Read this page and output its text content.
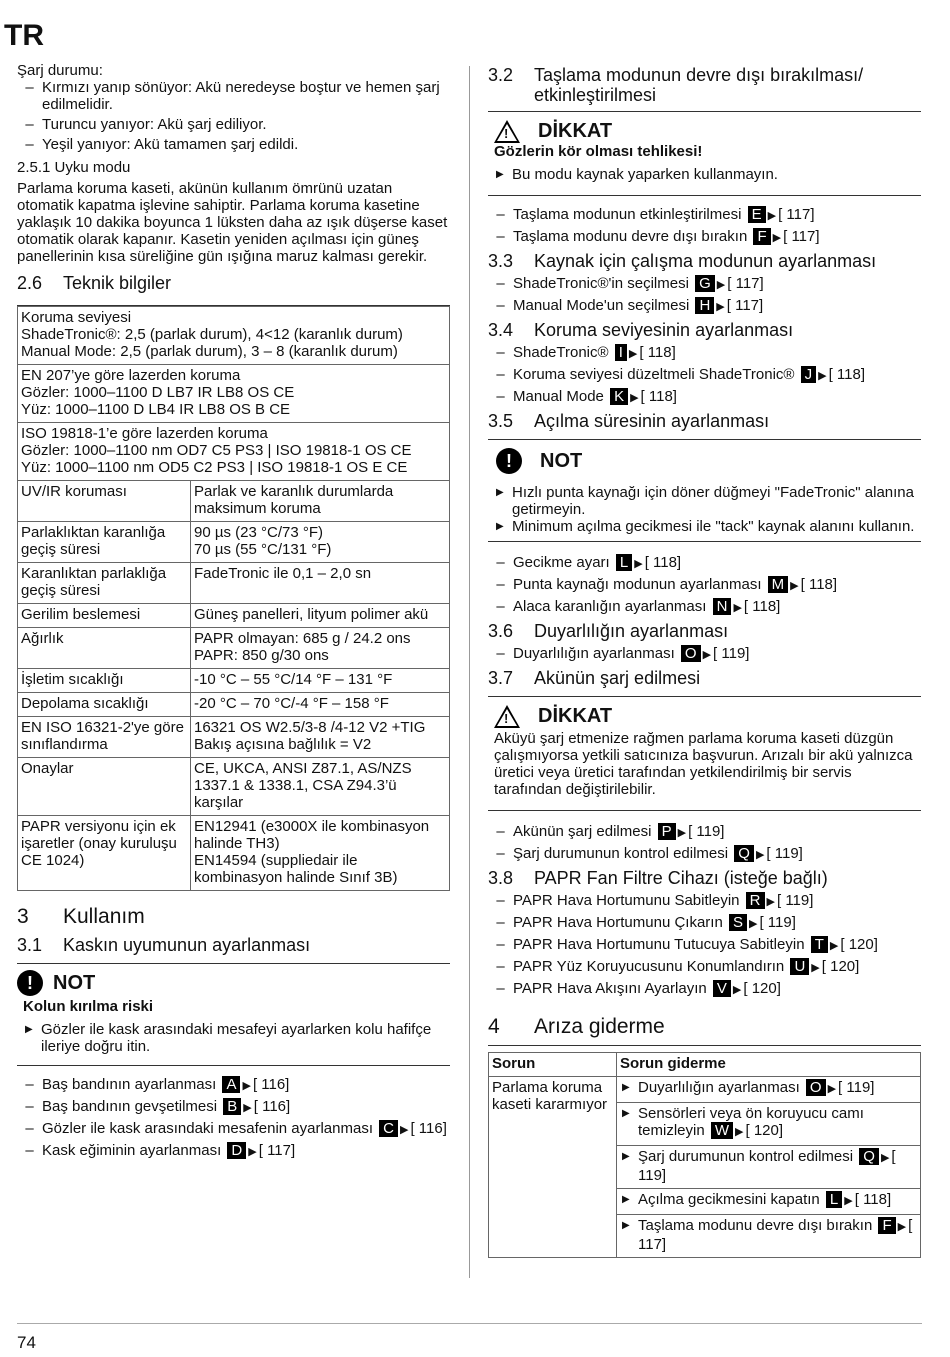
TR

Şarj durumu:

– Kırmızı yanıp sönüyor: Akü neredeyse boştur ve hemen şarj edilmelidir.
– Turuncu yanıyor: Akü şarj ediliyor.
– Yeşil yanıyor: Akü tamamen şarj edildi.

2.5.1 Uyku modu

Parlama koruma kaseti, akünün kullanım ömrünü uzatan otomatik kapatma işlevine sahiptir. Parlama koruma kasetine yaklaşık 10 dakika boyunca 1 lüksten daha az ışık düşerse kaset otomatik olarak kapanır. Kasetin yeniden açılması için güneş panellerinin kısa süreliğine gün ışığına maruz kalması gerekir.

2.6 Teknik bilgiler
Koruma seviyesi
ShadeTronic®: 2,5 (parlak durum), 4<12 (karanlık durum)
Manual Mode: 2,5 (parlak durum), 3 – 8 (karanlık durum)	

EN 207’ye göre lazerden koruma
Gözler: 1000–1100 D LB7 IR LB8 OS CE
Yüz: 1000–1100 D LB4 IR LB8 OS B CE	

ISO 19818-1’e göre lazerden koruma
Gözler: 1000–1100 nm OD7 C5 PS3 | ISO 19818-1 OS CE
Yüz: 1000–1100 nm OD5 C2 PS3 | ISO 19818-1 OS E CE	

UV/IR koruması	Parlak ve karanlık durumlarda maksimum koruma
Parlaklıktan karanlığa geçiş süresi	90 µs (23 °C/73 °F)
70 µs (55 °C/131 °F)
Karanlıktan parlaklığa geçiş süresi	FadeTronic ile 0,1 – 2,0 sn
Gerilim beslemesi	Güneş panelleri, lityum polimer akü
Ağırlık	PAPR olmayan: 685 g / 24.2 ons
PAPR: 850 g/30 ons
İşletim sıcaklığı	-10 °C – 55 °C/14 °F – 131 °F
Depolama sıcaklığı	-20 °C – 70 °C/-4 °F – 158 °F
EN ISO 16321-2'ye göre sınıflandırma	16321 OS W2.5/3-8 /4-12 V2 +TIG
Bakış açısına bağlılık = V2
Onaylar	CE, UKCA, ANSI Z87.1, AS/NZS 1337.1 & 1338.1, CSA Z94.3’ü karşılar
PAPR versiyonu için ek işaretler (onay kuruluşu CE 1024)	EN12941 (e3000X ile kombinasyon halinde TH3)
EN14594 (suppliedair ile kombinasyon halinde Sınıf 3B)
3 Kullanım
3.1 Kaskın uyumunun ayarlanması
!	NOT

Kolun kırılma riski

▶ Gözler ile kask arasındaki mesafeyi ayarlarken kolu hafifçe ileriye doğru itin.
– Baş bandının ayarlanması A ▶ [ 116]
– Baş bandının gevşetilmesi B ▶ [ 116]
– Gözler ile kask arasındaki mesafenin ayarlanması C ▶ [ 116]
– Kask eğiminin ayarlanması D ▶ [ 117]
3.2	Taşlama modunun devre dışı bırakılması/ etkinleştirilmesi
! DİKKAT

Gözlerin kör olması tehlikesi!

▶ Bu modu kaynak yaparken kullanmayın.
– Taşlama modunun etkinleştirilmesi E ▶ [ 117]
– Taşlama modunu devre dışı bırakın F ▶ [ 117]
3.3 Kaynak için çalışma modunun ayarlanması
– ShadeTronic®'in seçilmesi G ▶ [ 117]
– Manual Mode'un seçilmesi H ▶ [ 117]
3.4 Koruma seviyesinin ayarlanması
– ShadeTronic® I ▶ [ 118]
– Koruma seviyesi düzeltmeli ShadeTronic® J ▶ [ 118]
– Manual Mode K ▶ [ 118]
3.5 Açılma süresinin ayarlanması
!	NOT
▶ Hızlı punta kaynağı için döner düğmeyi "FadeTronic" alanına getirmeyin.
▶ Minimum açılma gecikmesi ile "tack" kaynak alanını kullanın.
– Gecikme ayarı L ▶ [ 118]
– Punta kaynağı modunun ayarlanması M ▶ [ 118]
– Alaca karanlığın ayarlanması N ▶ [ 118]
3.6 Duyarlılığın ayarlanması
– Duyarlılığın ayarlanması O ▶ [ 119]
3.7 Akünün şarj edilmesi
! DİKKAT

Aküyü şarj etmenize rağmen parlama koruma kaseti düzgün çalışmıyorsa yetkili satıcınıza başvurun. Arızalı bir akü yalnızca üretici veya üretici tarafından yetkilendirilmiş bir servis tarafından değiştirilebilir.

– Akünün şarj edilmesi P ▶ [ 119]
– Şarj durumunun kontrol edilmesi Q ▶ [ 119]
3.8 PAPR Fan Filtre Cihazı (isteğe bağlı)
– PAPR Hava Hortumunu Sabitleyin R ▶ [ 119]
– PAPR Hava Hortumunu Çıkarın S ▶ [ 119]
– PAPR Hava Hortumunu Tutucuya Sabitleyin T ▶ [ 120]
– PAPR Yüz Koruyucusunu Konumlandırın U ▶ [ 120]
– PAPR Hava Akışını Ayarlayın V ▶ [ 120]
4 Arıza giderme
Sorun	Sorun giderme
Parlama koruma kaseti kararmıyor	▶ Duyarlılığın ayarlanması O ▶ [ 119]

	▶ Sensörleri veya ön koruyucu camı temizleyin W ▶ [ 120]

	▶ Şarj durumunun kontrol edilmesi Q ▶ [ 119]

	▶ Açılma gecikmesini kapatın L ▶ [ 118]

	▶ Taşlama modunu devre dışı bırakın F ▶ [ 117]
74
